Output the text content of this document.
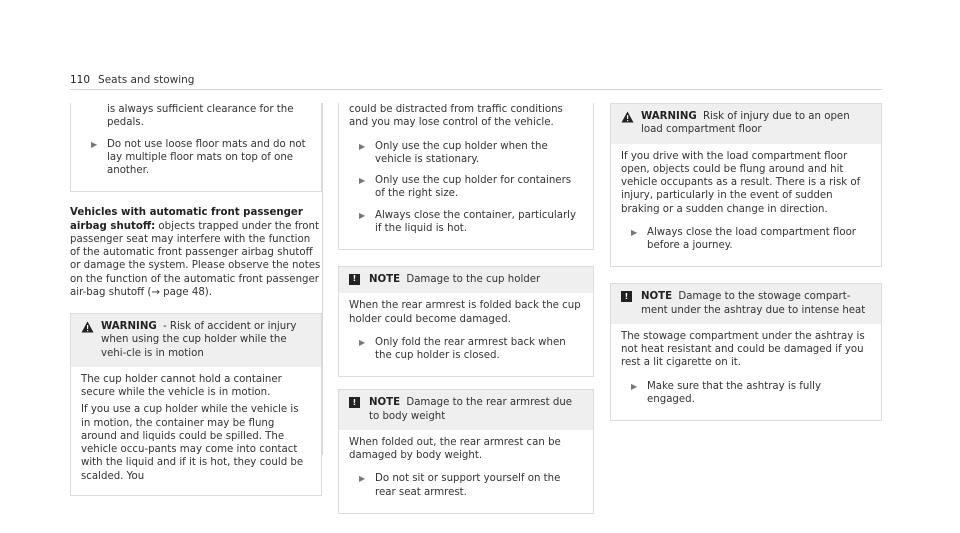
110 Seats and stowing
is always sufficient clearance for the pedals.
▶ Do not use loose floor mats and do not lay multiple floor mats on top of one another.
Vehicles with automatic front passenger airbag shutoff: objects trapped under the front passenger seat may interfere with the function of the automatic front passenger airbag shutoff or damage the system. Please observe the notes on the function of the automatic front passenger air-bag shutoff (→ page 48).
WARNING - Risk of accident or injury when using the cup holder while the vehi-cle is in motion

The cup holder cannot hold a container secure while the vehicle is in motion.

If you use a cup holder while the vehicle is in motion, the container may be flung around and liquids could be spilled. The vehicle occu-pants may come into contact with the liquid and if it is hot, they could be scalded. You

could be distracted from traffic conditions and you may lose control of the vehicle.

▶ Only use the cup holder when the vehicle is stationary.
▶ Only use the cup holder for containers of the right size.
▶ Always close the container, particularly if the liquid is hot.
!	NOTE Damage to the cup holder

When the rear armrest is folded back the cup holder could become damaged.

▶ Only fold the rear armrest back when the cup holder is closed.
!	NOTE Damage to the rear armrest due to body weight

When folded out, the rear armrest can be damaged by body weight.

▶ Do not sit or support yourself on the rear seat armrest.
WARNING Risk of injury due to an open load compartment floor

If you drive with the load compartment floor open, objects could be flung around and hit vehicle occupants as a result. There is a risk of injury, particularly in the event of sudden braking or a sudden change in direction.

▶ Always close the load compartment floor before a journey.
!	NOTE Damage to the stowage compart-ment under the ashtray due to intense heat

The stowage compartment under the ashtray is not heat resistant and could be damaged if you rest a lit cigarette on it.

▶ Make sure that the ashtray is fully engaged.
